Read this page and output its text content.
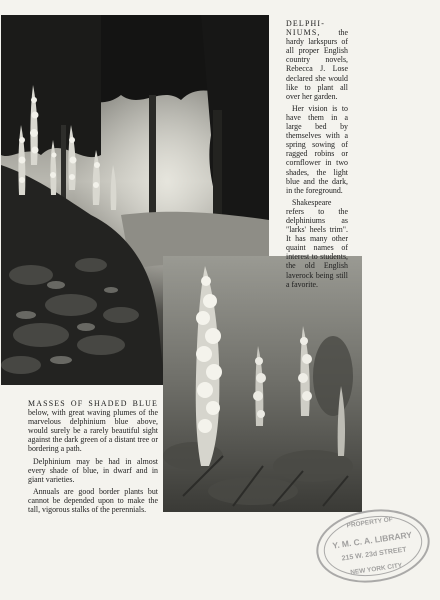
DELPHI-NIUMS, the hardy larkspurs of all proper English country novels, Rebecca J. Lose declared she would like to plant all over her garden.

Her vision is to have them in a large bed by themselves with a spring sowing of ragged robins or cornflower in two shades, the light blue and the dark, in the foreground.

Shakespeare refers to the delphiniums as "larks' heels trim". It has many other quaint names of interest to students, the old English laverock being still a favorite.

MASSES OF SHADED BLUE below, with great waving plumes of the marvelous delphinium blue above, would surely be a rarely beautiful sight against the dark green of a distant tree or bordering a path.

Delphinium may be had in almost every shade of blue, in dwarf and in giant varieties.

Annuals are good border plants but cannot be depended upon to make the tall, vigorous stalks of the perennials.

PROPERTY OF
Y. M. C. A. LIBRARY
215 W. 23d STREET
NEW YORK CITY
